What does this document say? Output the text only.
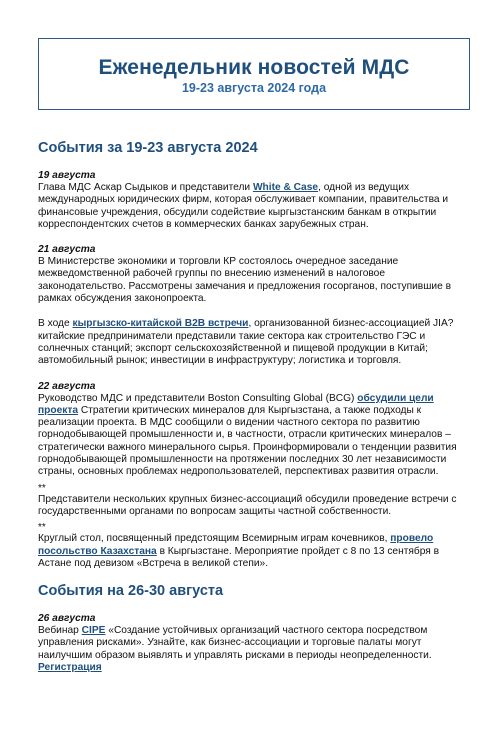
Еженедельник новостей МДС
19-23 августа 2024 года
События за 19-23 августа 2024
19 августа

Глава МДС Аскар Сыдыков и представители White & Case, одной из ведущих международных юридических фирм, которая обслуживает компании, правительства и финансовые учреждения, обсудили содействие кыргызстанским банкам в открытии корреспондентских счетов в коммерческих банках зарубежных стран.

21 августа

В Министерстве экономики и торговли КР состоялось очередное заседание межведомственной рабочей группы по внесению изменений в налоговое законодательство. Рассмотрены замечания и предложения госорганов, поступившие в рамках обсуждения законопроекта.

В ходе кыргызско-китайской B2B встречи, организованной бизнес-ассоциацией JIA? китайские предприниматели представили такие сектора как строительство ГЭС и солнечных станций; экспорт сельскохозяйственной и пищевой продукции в Китай; автомобильный рынок; инвестиции в инфраструктуру; логистика и торговля.

22 августа

Руководство МДС и представители Boston Consulting Global (BCG) обсудили цели проекта Стратегии критических минералов для Кыргызстана, а также подходы к реализации проекта. В МДС сообщили о видении частного сектора по развитию горнодобывающей промышленности и, в частности, отрасли критических минералов – стратегически важного минерального сырья. Проинформировали о тенденции развития горнодобывающей промышленности на протяжении последних 30 лет независимости страны, основных проблемах недропользователей, перспективах развития отрасли.

**

Представители нескольких крупных бизнес-ассоциаций обсудили проведение встречи с государственными органами по вопросам защиты частной собственности.

**

Круглый стол, посвященный предстоящим Всемирным играм кочевников, провело посольство Казахстана в Кыргызстане. Мероприятие пройдет с 8 по 13 сентября в Астане под девизом «Встреча в великой степи».

События на 26-30 августа
26 августа

Вебинар CIPE «Создание устойчивых организаций частного сектора посредством управления рисками». Узнайте, как бизнес-ассоциации и торговые палаты могут наилучшим образом выявлять и управлять рисками в периоды неопределенности. Регистрация
